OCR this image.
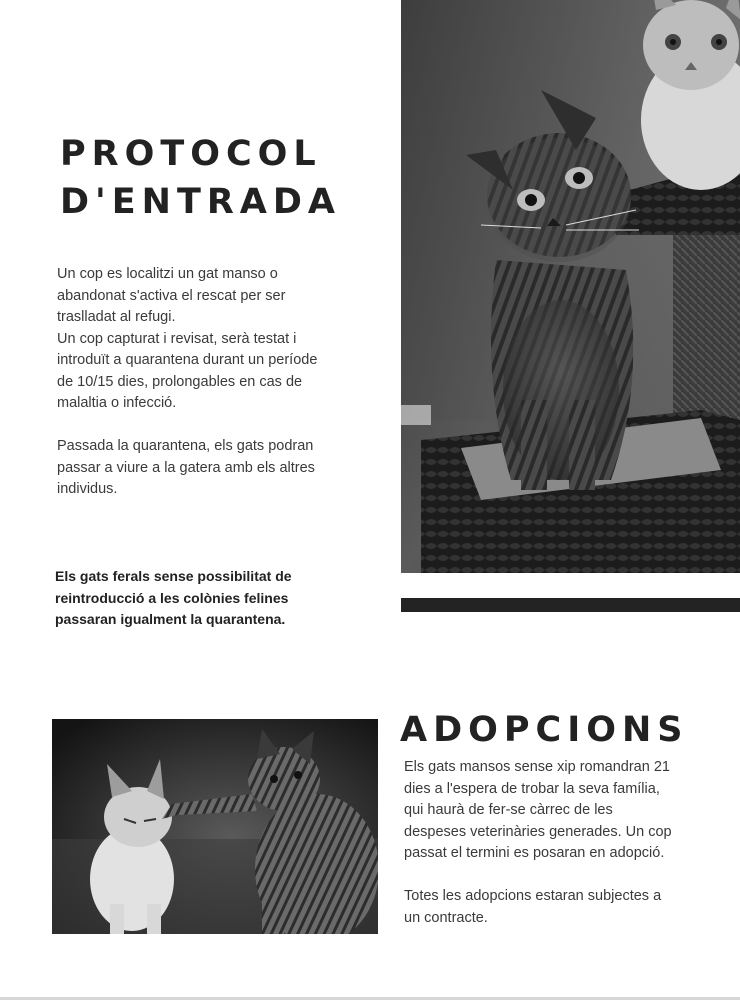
PROTOCOL
D'ENTRADA

Un cop es localitzi un gat manso o abandonat s'activa el rescat per ser traslladat al refugi.

Un cop capturat i revisat, serà testat i introduït a quarantena durant un període de 10/15 dies, prolongables en cas de malaltia o infecció.

Passada la quarantena, els gats podran passar a viure a la gatera amb els altres individus.

Els gats ferals sense possibilitat de reintroducció a les colònies felines passaran igualment la quarantena.

ADOPCIONS

Els gats mansos sense xip romandran 21 dies a l'espera de trobar la seva família, qui haurà de fer-se càrrec de les despeses veterinàries generades. Un cop passat el termini es posaran en adopció.

Totes les adopcions estaran subjectes a un contracte.
